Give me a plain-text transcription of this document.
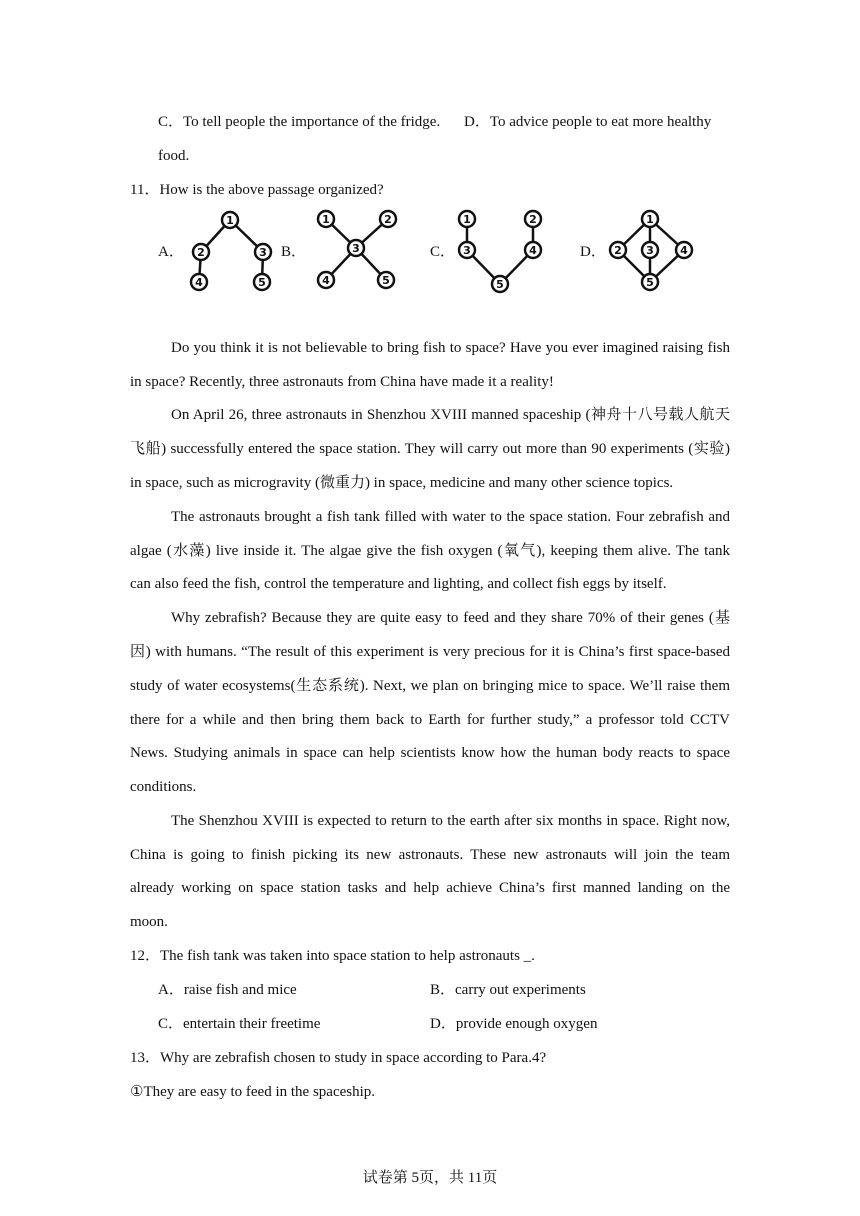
C．To tell people the importance of the fridge. D．To advice people to eat more healthy
food.
11．How is the above passage organized?
A．
1
2	3
4	5
B．
1	2
3
4	5
C．
1	2
3	4
5
D．
1
2 3 4
5
Do you think it is not believable to bring fish to space? Have you ever imagined raising fish
in space? Recently, three astronauts from China have made it a reality!
On April 26, three astronauts in Shenzhou XVIII manned spaceship (神舟十八号载人航天
飞船) successfully entered the space station. They will carry out more than 90 experiments (实验)
in space, such as microgravity (微重力) in space, medicine and many other science topics.
The astronauts brought a fish tank filled with water to the space station. Four zebrafish and
algae (水藻) live inside it. The algae give the fish oxygen (氧气), keeping them alive. The tank
can also feed the fish, control the temperature and lighting, and collect fish eggs by itself.
Why zebrafish? Because they are quite easy to feed and they share 70% of their genes (基
因) with humans. “The result of this experiment is very precious for it is China’s first space-based
study of water ecosystems(生态系统). Next, we plan on bringing mice to space. We’ll raise them
there for a while and then bring them back to Earth for further study,” a professor told CCTV
News. Studying animals in space can help scientists know how the human body reacts to space
conditions.
The Shenzhou XVIII is expected to return to the earth after six months in space. Right now,
China is going to finish picking its new astronauts. These new astronauts will join the team
already working on space station tasks and help achieve China’s first manned landing on the
moon.
12．The fish tank was taken into space station to help astronauts _.
A．raise fish and mice	B．carry out experiments
C．entertain their freetime	D．provide enough oxygen
13．Why are zebrafish chosen to study in space according to Para.4?
①They are easy to feed in the spaceship.
试卷第 5页，共 11页
